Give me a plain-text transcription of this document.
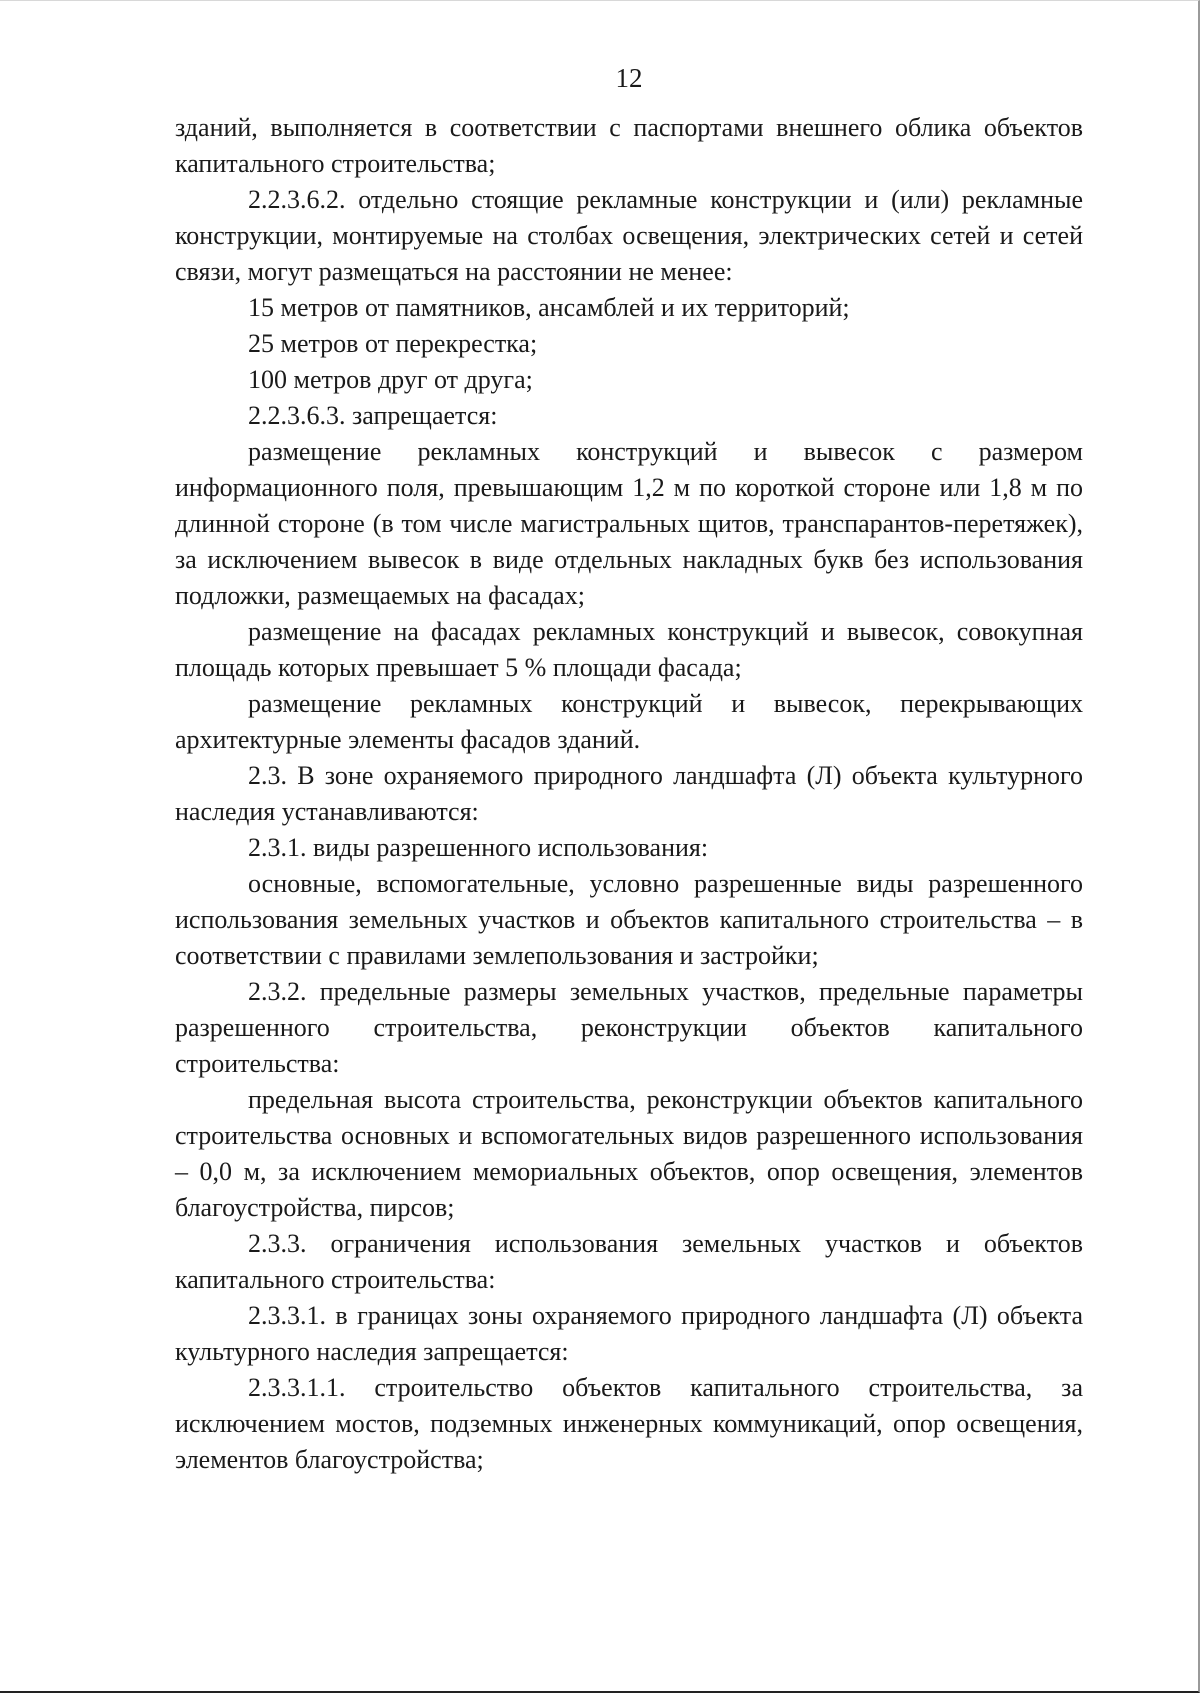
12

зданий, выполняется в соответствии с паспортами внешнего облика объектов капитального строительства;

2.2.3.6.2. отдельно стоящие рекламные конструкции и (или) рекламные конструкции, монтируемые на столбах освещения, электрических сетей и сетей связи, могут размещаться на расстоянии не менее:

15 метров от памятников, ансамблей и их территорий;

25 метров от перекрестка;

100 метров друг от друга;

2.2.3.6.3. запрещается:

размещение рекламных конструкций и вывесок с размером информационного поля, превышающим 1,2 м по короткой стороне или 1,8 м по длинной стороне (в том числе магистральных щитов, транспарантов-перетяжек), за исключением вывесок в виде отдельных накладных букв без использования подложки, размещаемых на фасадах;

размещение на фасадах рекламных конструкций и вывесок, совокупная площадь которых превышает 5 % площади фасада;

размещение рекламных конструкций и вывесок, перекрывающих архитектурные элементы фасадов зданий.

2.3. В зоне охраняемого природного ландшафта (Л) объекта культурного наследия устанавливаются:

2.3.1. виды разрешенного использования:

основные, вспомогательные, условно разрешенные виды разрешенного использования земельных участков и объектов капитального строительства – в соответствии с правилами землепользования и застройки;

2.3.2. предельные размеры земельных участков, предельные параметры разрешенного строительства, реконструкции объектов капитального строительства:

предельная высота строительства, реконструкции объектов капитального строительства основных и вспомогательных видов разрешенного использования – 0,0 м, за исключением мемориальных объектов, опор освещения, элементов благоустройства, пирсов;

2.3.3. ограничения использования земельных участков и объектов капитального строительства:

2.3.3.1. в границах зоны охраняемого природного ландшафта (Л) объекта культурного наследия запрещается:

2.3.3.1.1. строительство объектов капитального строительства, за исключением мостов, подземных инженерных коммуникаций, опор освещения, элементов благоустройства;
